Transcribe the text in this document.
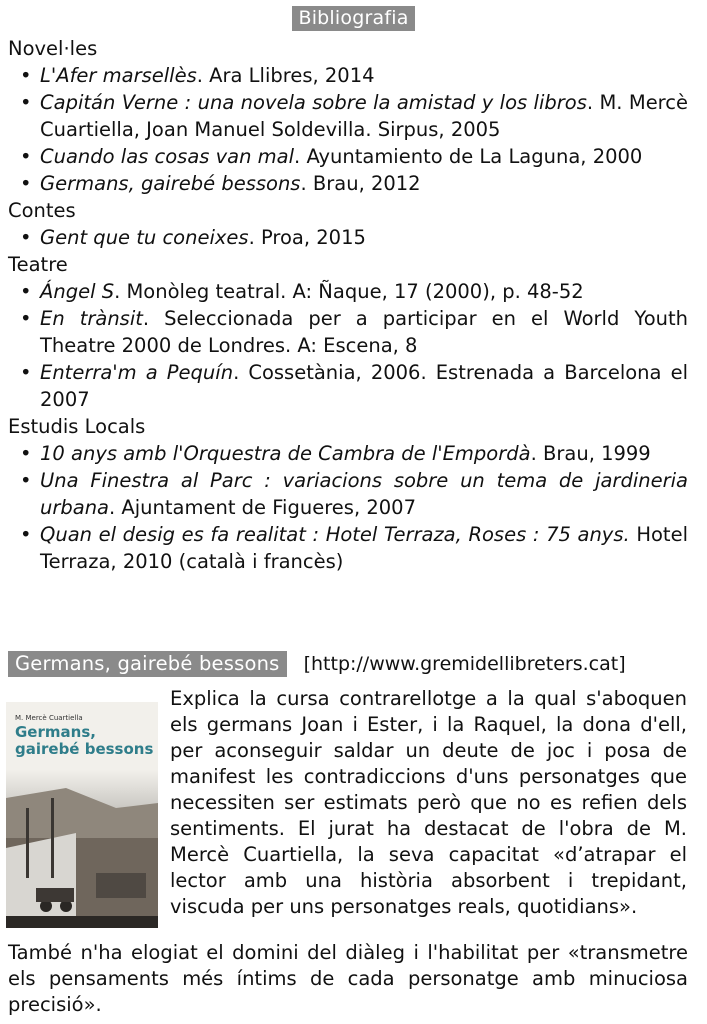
Bibliografia
Novel·les
• L'Afer marsellès. Ara Llibres, 2014
• Capitán Verne : una novela sobre la amistad y los libros. M. Mercè Cuartiella, Joan Manuel Soldevilla. Sirpus, 2005
• Cuando las cosas van mal. Ayuntamiento de La Laguna, 2000
• Germans, gairebé bessons. Brau, 2012
Contes
• Gent que tu coneixes. Proa, 2015
Teatre
• Ángel S. Monòleg teatral. A: Ñaque, 17 (2000), p. 48-52
• En trànsit. Seleccionada per a participar en el World Youth Theatre 2000 de Londres. A: Escena, 8
• Enterra'm a Pequín. Cossetània, 2006. Estrenada a Barcelona el 2007
Estudis Locals
• 10 anys amb l'Orquestra de Cambra de l'Empordà. Brau, 1999
• Una Finestra al Parc : variacions sobre un tema de jardineria urbana. Ajuntament de Figueres, 2007
• Quan el desig es fa realitat : Hotel Terraza, Roses : 75 anys. Hotel Terraza, 2010 (català i francès)
Germans, gairebé bessons [http://www.gremidellibreters.cat]
M. Mercè Cuartiella
Germans, gairebé bessons

Explica la cursa contrarellotge a la qual s'aboquen els germans Joan i Ester, i la Raquel, la dona d'ell, per aconseguir saldar un deute de joc i posa de manifest les contradiccions d'uns personatges que necessiten ser estimats però que no es refien dels sentiments. El jurat ha destacat de l'obra de M. Mercè Cuartiella, la seva capacitat «d’atrapar el lector amb una història absorbent i trepidant, viscuda per uns personatges reals, quotidians».

També n'ha elogiat el domini del diàleg i l'habilitat per «transmetre els pensaments més íntims de cada personatge amb minuciosa precisió».
